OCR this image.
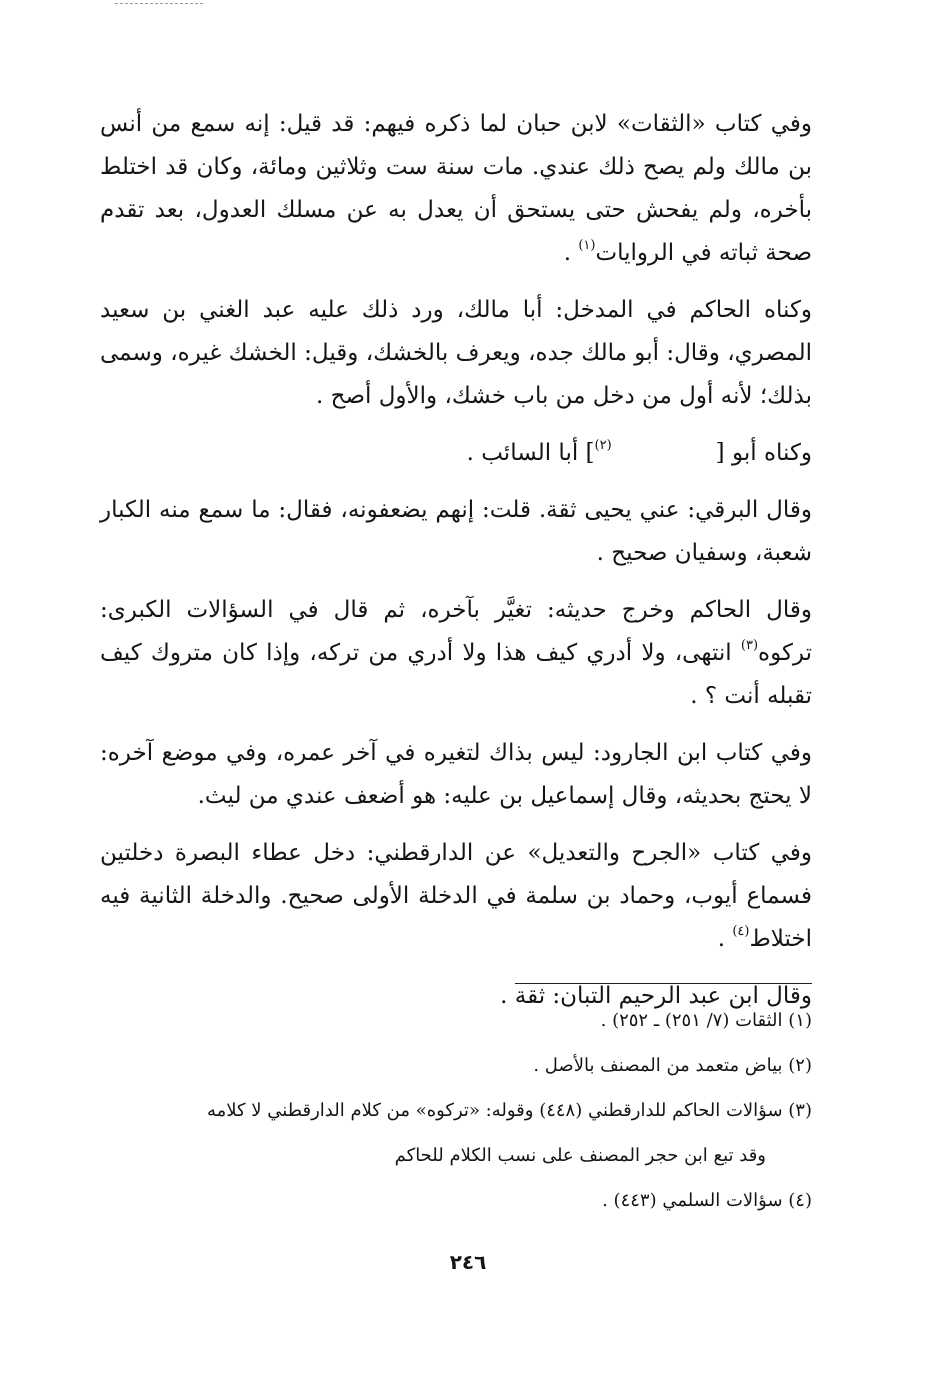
وفي كتاب «الثقات» لابن حبان لما ذكره فيهم: قد قيل: إنه سمع من أنس بن مالك ولم يصح ذلك عندي. مات سنة ست وثلاثين ومائة، وكان قد اختلط بأخره، ولم يفحش حتى يستحق أن يعدل به عن مسلك العدول، بعد تقدم صحة ثباته في الروايات$^{(١)}$ .

وكناه الحاكم في المدخل: أبا مالك، ورد ذلك عليه عبد الغني بن سعيد المصري، وقال: أبو مالك جده، ويعرف بالخشك، وقيل: الخشك غيره، وسمى بذلك؛ لأنه أول من دخل من باب خشك، والأول أصح .

وكناه أبو [$^{(٢)}$] أبا السائب .

وقال البرقي: عني يحيى ثقة. قلت: إنهم يضعفونه، فقال: ما سمع منه الكبار شعبة، وسفيان صحيح .

وقال الحاكم وخرج حديثه: تغيَّر بآخره، ثم قال في السؤالات الكبرى: تركوه$^{(٣)}$ انتهى، ولا أدري كيف هذا ولا أدري من تركه، وإذا كان متروك كيف تقبله أنت ؟ .

وفي كتاب ابن الجارود: ليس بذاك لتغيره في آخر عمره، وفي موضع آخره: لا يحتج بحديثه، وقال إسماعيل بن عليه: هو أضعف عندي من ليث.

وفي كتاب «الجرح والتعديل» عن الدارقطني: دخل عطاء البصرة دخلتين فسماع أيوب، وحماد بن سلمة في الدخلة الأولى صحيح. والدخلة الثانية فيه اختلاط$^{(٤)}$ .

وقال ابن عبد الرحيم التبان: ثقة .

(١) الثقات (٧/ ٢٥١) ـ ٢٥٢) .

(٢) بياض متعمد من المصنف بالأصل .

(٣) سؤالات الحاكم للدارقطني (٤٤٨) وقوله: «تركوه» من كلام الدارقطني لا كلامه

وقد تبع ابن حجر المصنف على نسب الكلام للحاكم

(٤) سؤالات السلمي (٤٤٣) .

٢٤٦
